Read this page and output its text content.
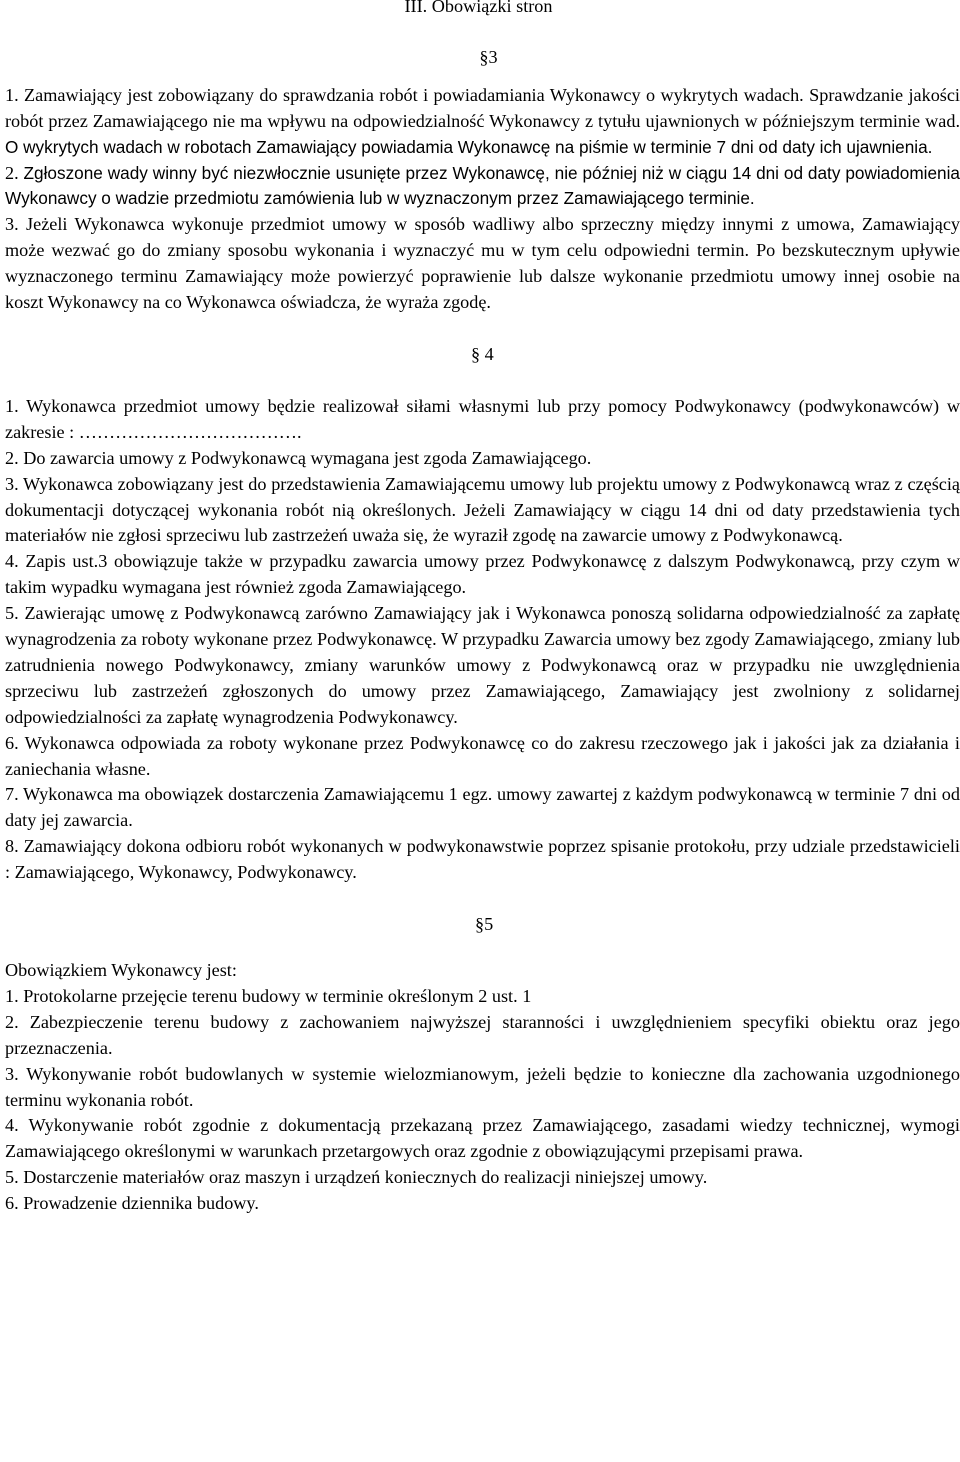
III. Obowiązki stron
§3

1. Zamawiający jest zobowiązany do sprawdzania robót i powiadamiania Wykonawcy o wykrytych wadach. Sprawdzanie jakości robót przez Zamawiającego nie ma wpływu na odpowiedzialność Wykonawcy z tytułu ujawnionych w późniejszym terminie wad. O wykrytych wadach w robotach Zamawiający powiadamia Wykonawcę na piśmie w terminie 7 dni od daty ich ujawnienia.

2. Zgłoszone wady winny być niezwłocznie usunięte przez Wykonawcę, nie później niż w ciągu 14 dni od daty powiadomienia Wykonawcy o wadzie przedmiotu zamówienia lub w wyznaczonym przez Zamawiającego terminie.

3. Jeżeli Wykonawca wykonuje przedmiot umowy w sposób wadliwy albo sprzeczny między innymi z umowa, Zamawiający może wezwać go do zmiany sposobu wykonania i wyznaczyć mu w tym celu odpowiedni termin. Po bezskutecznym upływie wyznaczonego terminu Zamawiający może powierzyć poprawienie lub dalsze wykonanie przedmiotu umowy innej osobie na koszt Wykonawcy na co Wykonawca oświadcza, że wyraża zgodę.

§ 4

1. Wykonawca przedmiot umowy będzie realizował siłami własnymi lub przy pomocy Podwykonawcy (podwykonawców) w zakresie : ……………………………….

2. Do zawarcia umowy z Podwykonawcą wymagana jest zgoda Zamawiającego.

3. Wykonawca zobowiązany jest do przedstawienia Zamawiającemu umowy lub projektu umowy z Podwykonawcą wraz z częścią dokumentacji dotyczącej wykonania robót nią określonych. Jeżeli Zamawiający w ciągu 14 dni od daty przedstawienia tych materiałów nie zgłosi sprzeciwu lub zastrzeżeń uważa się, że wyraził zgodę na zawarcie umowy z Podwykonawcą.

4. Zapis ust.3 obowiązuje także w przypadku zawarcia umowy przez Podwykonawcę z dalszym Podwykonawcą, przy czym w takim wypadku wymagana jest również zgoda Zamawiającego.

5. Zawierając umowę z Podwykonawcą zarówno Zamawiający jak i Wykonawca ponoszą solidarna odpowiedzialność za zapłatę wynagrodzenia za roboty wykonane przez Podwykonawcę. W przypadku Zawarcia umowy bez zgody Zamawiającego, zmiany lub zatrudnienia nowego Podwykonawcy, zmiany warunków umowy z Podwykonawcą oraz w przypadku nie uwzględnienia sprzeciwu lub zastrzeżeń zgłoszonych do umowy przez Zamawiającego, Zamawiający jest zwolniony z solidarnej odpowiedzialności za zapłatę wynagrodzenia Podwykonawcy.

6. Wykonawca odpowiada za roboty wykonane przez Podwykonawcę co do zakresu rzeczowego jak i jakości jak za działania i zaniechania własne.

7. Wykonawca ma obowiązek dostarczenia Zamawiającemu 1 egz. umowy zawartej z każdym podwykonawcą w terminie 7 dni od daty jej zawarcia.

8. Zamawiający dokona odbioru robót wykonanych w podwykonawstwie poprzez spisanie protokołu, przy udziale przedstawicieli : Zamawiającego, Wykonawcy, Podwykonawcy.

§5

Obowiązkiem Wykonawcy jest:

1. Protokolarne przejęcie terenu budowy w terminie określonym 2 ust. 1

2. Zabezpieczenie terenu budowy z zachowaniem najwyższej staranności i uwzględnieniem specyfiki obiektu oraz jego przeznaczenia.

3. Wykonywanie robót budowlanych w systemie wielozmianowym, jeżeli będzie to konieczne dla zachowania uzgodnionego terminu wykonania robót.

4. Wykonywanie robót zgodnie z dokumentacją przekazaną przez Zamawiającego, zasadami wiedzy technicznej, wymogi Zamawiającego określonymi w warunkach przetargowych oraz zgodnie z obowiązującymi przepisami prawa.

5. Dostarczenie materiałów oraz maszyn i urządzeń koniecznych do realizacji niniejszej umowy.

6. Prowadzenie dziennika budowy.
